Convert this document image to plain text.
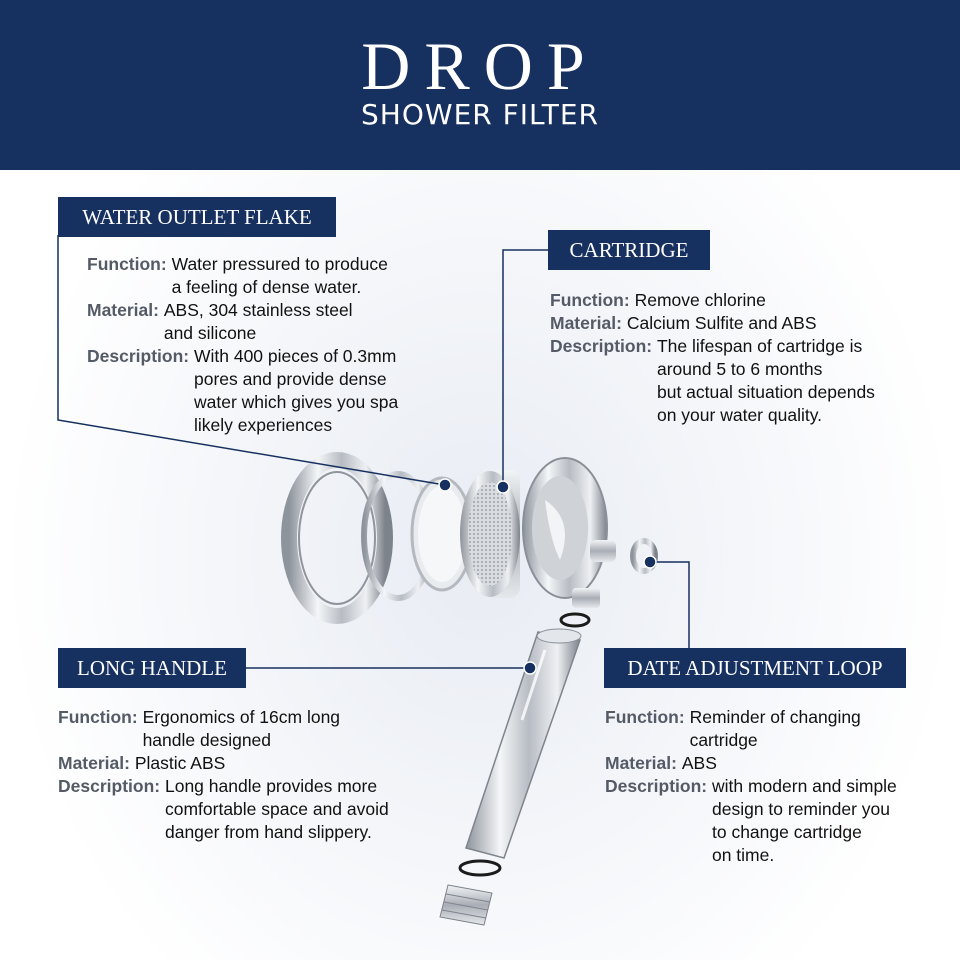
DROP
SHOWER FILTER
WATER OUTLET FLAKE
Function:
Water pressured to produce
a feeling of dense water.
Material:
ABS, 304 stainless steel
and silicone
Description:
With 400 pieces of 0.3mm
pores and provide dense
water which gives you spa
likely experiences
CARTRIDGE
Function:
Remove chlorine
Material:
Calcium Sulfite and ABS
Description:
The lifespan of cartridge is
around 5 to 6 months
but actual situation depends
on your water quality.
LONG HANDLE
Function:
Ergonomics of 16cm long
handle designed
Material:
Plastic ABS
Description:
Long handle provides more
comfortable space and avoid
danger from hand slippery.
DATE ADJUSTMENT LOOP
Function:
Reminder of changing
cartridge
Material:
ABS
Description:
with modern and simple
design to reminder you
to change cartridge
on time.
